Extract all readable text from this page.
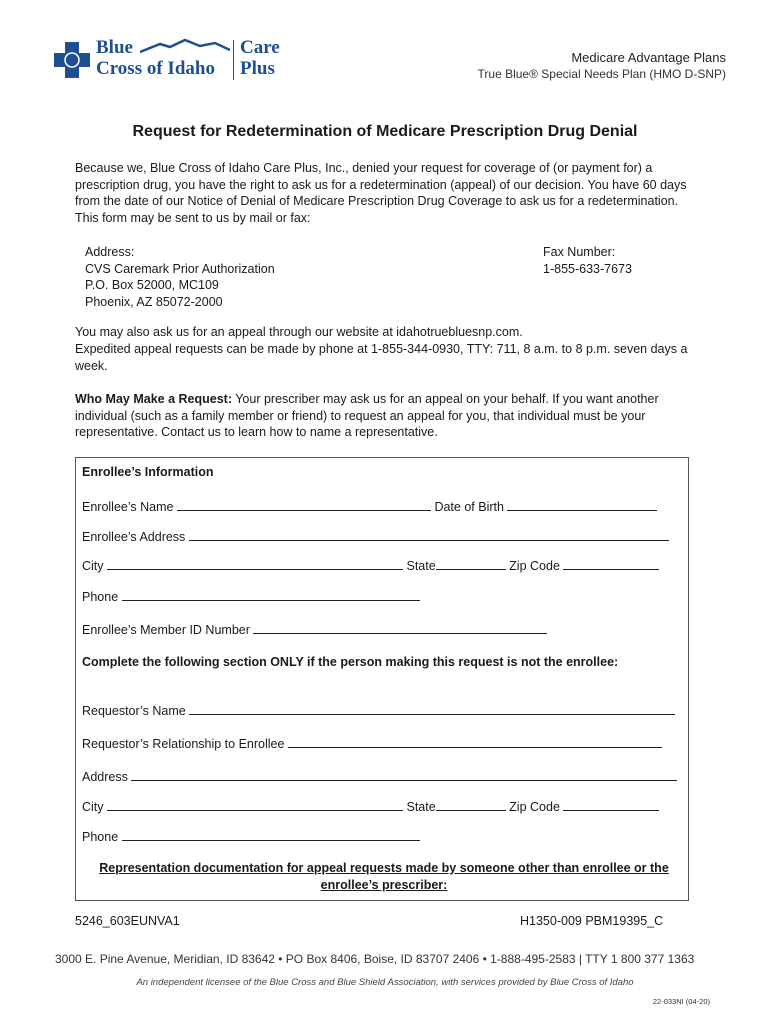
Blue
Cross of Idaho
Care
Plus
Medicare Advantage Plans
True Blue® Special Needs Plan (HMO D-SNP)
Request for Redetermination of Medicare Prescription Drug Denial
Because we, Blue Cross of Idaho Care Plus, Inc., denied your request for coverage of (or payment for) a prescription drug, you have the right to ask us for a redetermination (appeal) of our decision. You have 60 days from the date of our Notice of Denial of Medicare Prescription Drug Coverage to ask us for a redetermination. This form may be sent to us by mail or fax:
Address:
CVS Caremark Prior Authorization
P.O. Box 52000, MC109
Phoenix, AZ 85072-2000
Fax Number:
1-855-633-7673
You may also ask us for an appeal through our website at idahotruebluesnp.com.
Expedited appeal requests can be made by phone at 1-855-344-0930, TTY: 711, 8 a.m. to 8 p.m. seven days a week.
Who May Make a Request: Your prescriber may ask us for an appeal on your behalf. If you want another individual (such as a family member or friend) to request an appeal for you, that individual must be your representative. Contact us to learn how to name a representative.
Enrollee’s Information
Enrollee’s Name	Date of Birth
Enrollee’s Address
City	State	Zip Code
Phone
Enrollee’s Member ID Number
Complete the following section ONLY if the person making this request is not the enrollee:
Requestor’s Name
Requestor’s Relationship to Enrollee
Address
City	State	Zip Code
Phone
Representation documentation for appeal requests made by someone other than enrollee or the enrollee’s prescriber:
5246_603EUNVA1	H1350-009 PBM19395_C
3000 E. Pine Avenue, Meridian, ID 83642 • PO Box 8406, Boise, ID 83707 2406 • 1-888-495-2583 | TTY 1 800 377 1363
An independent licensee of the Blue Cross and Blue Shield Association, with services provided by Blue Cross of Idaho
22-033NI (04-20)
